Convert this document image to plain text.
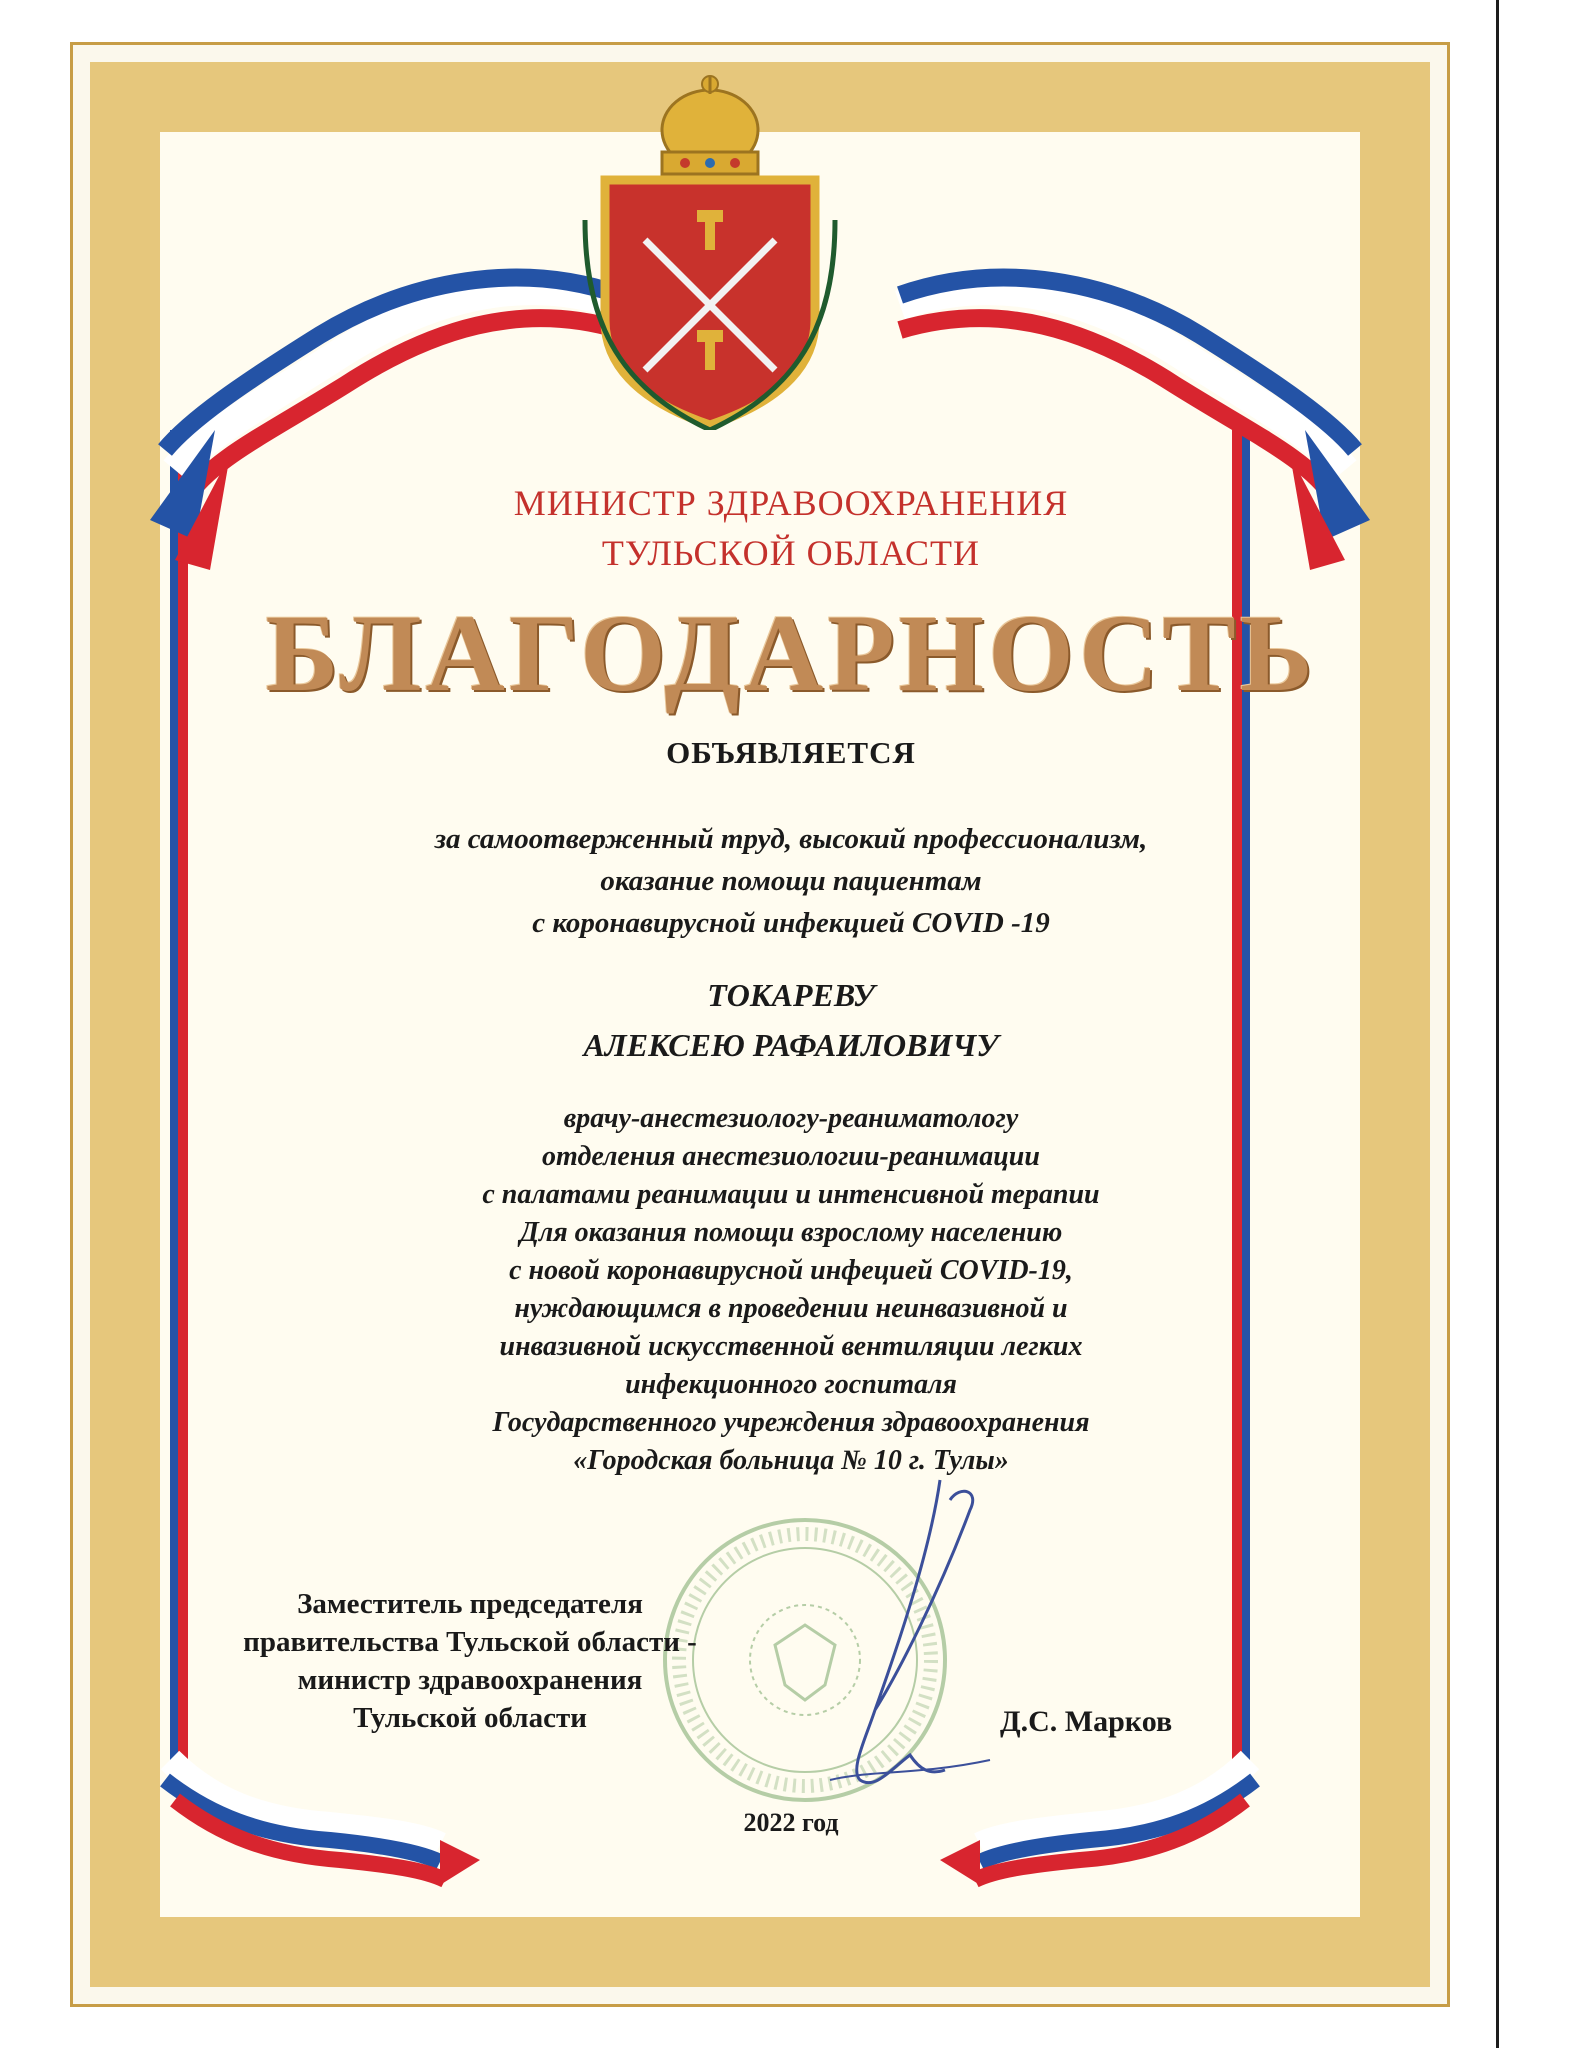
МИНИСТР ЗДРАВООХРАНЕНИЯ
ТУЛЬСКОЙ ОБЛАСТИ
БЛАГОДАРНОСТЬ
ОБЪЯВЛЯЕТСЯ
за самоотверженный труд, высокий профессионализм,
оказание помощи пациентам
с коронавирусной инфекцией COVID -19
ТОКАРЕВУ
АЛЕКСЕЮ РАФАИЛОВИЧУ
врачу-анестезиологу-реаниматологу
отделения анестезиологии-реанимации
с палатами реанимации и интенсивной терапии
Для оказания помощи взрослому населению
с новой коронавирусной инфецией COVID-19,
нуждающимся в проведении неинвазивной и
инвазивной искусственной вентиляции легких
инфекционного госпиталя
Государственного учреждения здравоохранения
«Городская больница № 10 г. Тулы»
Заместитель председателя
правительства Тульской области -
министр здравоохранения
Тульской области	Д.С. Марков
2022 год
